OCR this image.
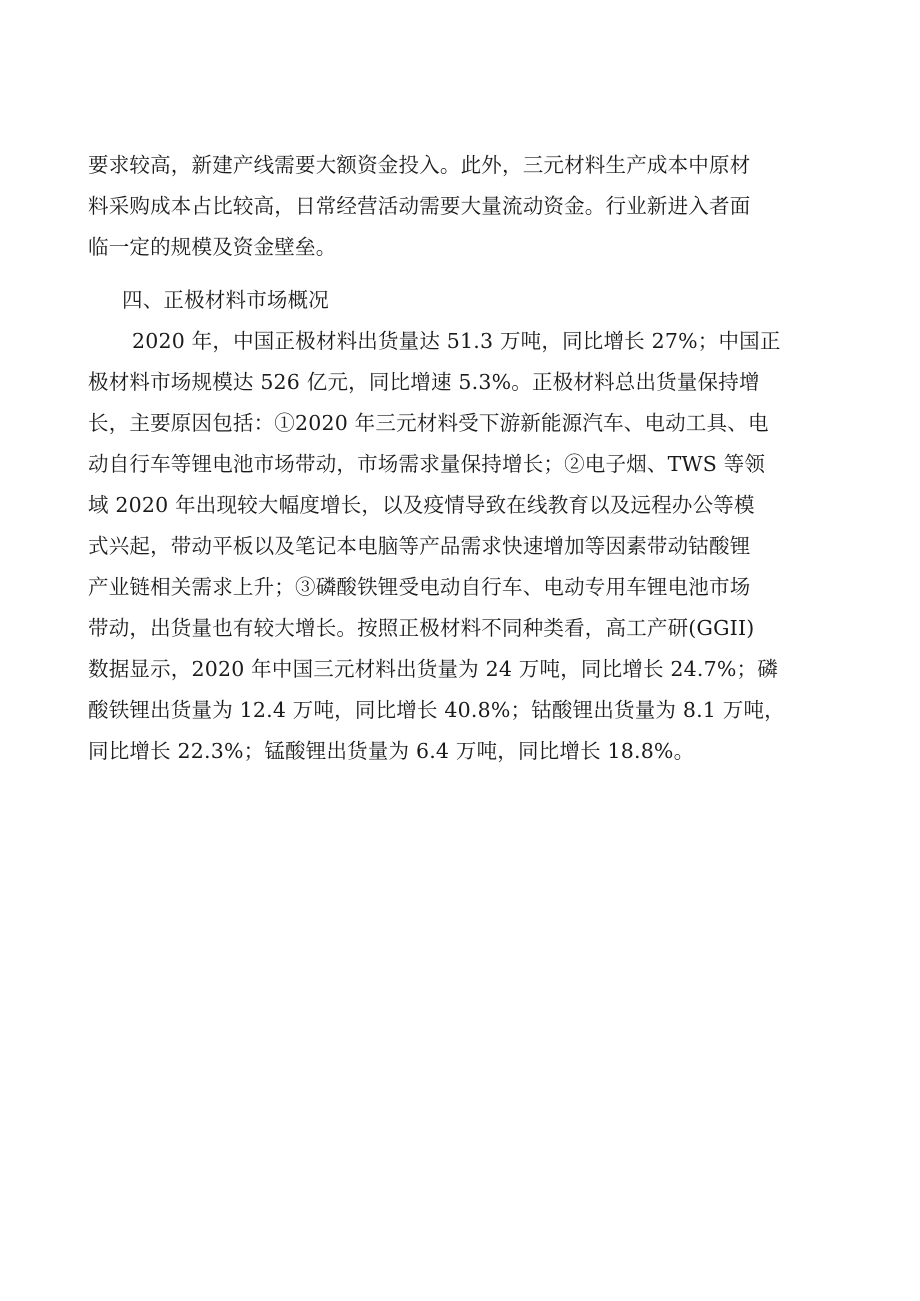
要求较高，新建产线需要大额资金投入。此外，三元材料生产成本中原材
料采购成本占比较高，日常经营活动需要大量流动资金。行业新进入者面
临一定的规模及资金壁垒。
四、正极材料市场概况
2020 年，中国正极材料出货量达 51.3 万吨，同比增长 27%；中国正
极材料市场规模达 526 亿元，同比增速 5.3%。正极材料总出货量保持增
长，主要原因包括：①2020 年三元材料受下游新能源汽车、电动工具、电
动自行车等锂电池市场带动，市场需求量保持增长；②电子烟、TWS 等领
域 2020 年出现较大幅度增长，以及疫情导致在线教育以及远程办公等模
式兴起，带动平板以及笔记本电脑等产品需求快速增加等因素带动钴酸锂
产业链相关需求上升；③磷酸铁锂受电动自行车、电动专用车锂电池市场
带动，出货量也有较大增长。按照正极材料不同种类看，高工产研(GGII)
数据显示，2020 年中国三元材料出货量为 24 万吨，同比增长 24.7%；磷
酸铁锂出货量为 12.4 万吨，同比增长 40.8%；钴酸锂出货量为 8.1 万吨，
同比增长 22.3%；锰酸锂出货量为 6.4 万吨，同比增长 18.8%。
